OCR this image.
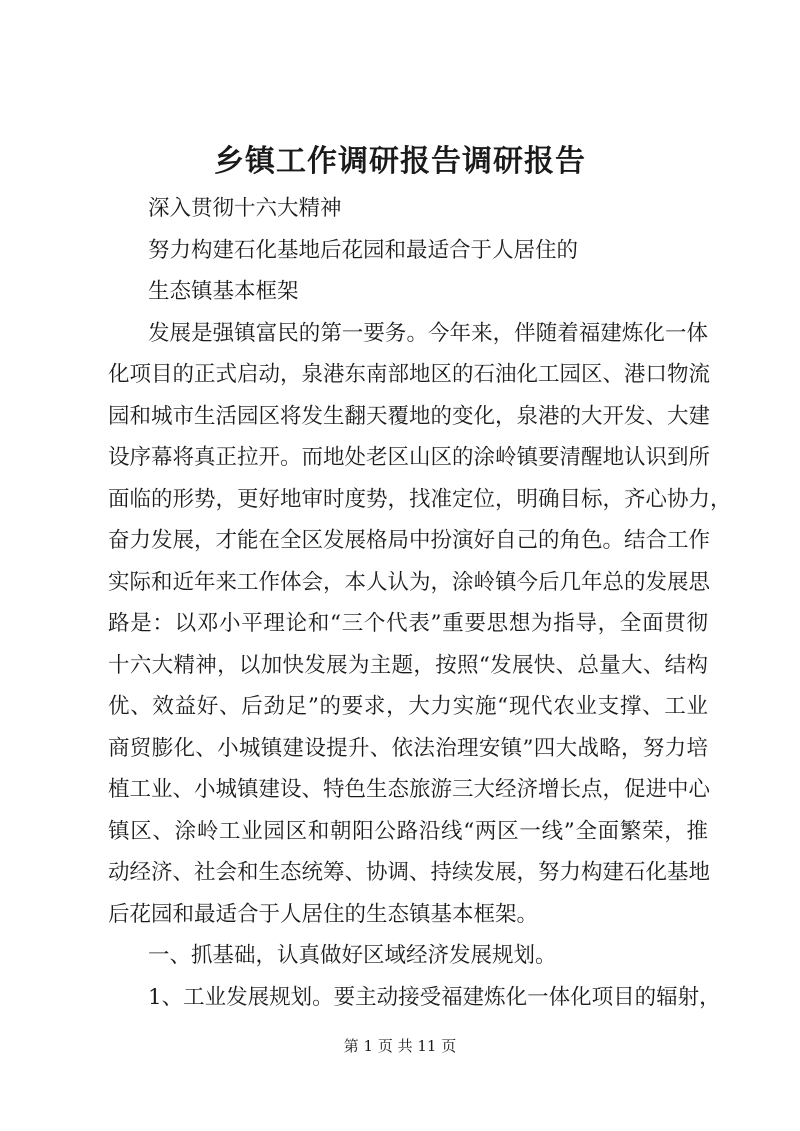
乡镇工作调研报告调研报告
深入贯彻十六大精神
努力构建石化基地后花园和最适合于人居住的
生态镇基本框架
发展是强镇富民的第一要务。今年来，伴随着福建炼化一体
化项目的正式启动，泉港东南部地区的石油化工园区、港口物流
园和城市生活园区将发生翻天覆地的变化，泉港的大开发、大建
设序幕将真正拉开。而地处老区山区的涂岭镇要清醒地认识到所
面临的形势，更好地审时度势，找准定位，明确目标，齐心协力，
奋力发展，才能在全区发展格局中扮演好自己的角色。结合工作
实际和近年来工作体会，本人认为，涂岭镇今后几年总的发展思
路是：以邓小平理论和“三个代表”重要思想为指导，全面贯彻
十六大精神，以加快发展为主题，按照“发展快、总量大、结构
优、效益好、后劲足”的要求，大力实施“现代农业支撑、工业
商贸膨化、小城镇建设提升、依法治理安镇”四大战略，努力培
植工业、小城镇建设、特色生态旅游三大经济增长点，促进中心
镇区、涂岭工业园区和朝阳公路沿线“两区一线”全面繁荣，推
动经济、社会和生态统筹、协调、持续发展，努力构建石化基地
后花园和最适合于人居住的生态镇基本框架。
一、抓基础，认真做好区域经济发展规划。
1、工业发展规划。要主动接受福建炼化一体化项目的辐射，
第 1 页 共 11 页
